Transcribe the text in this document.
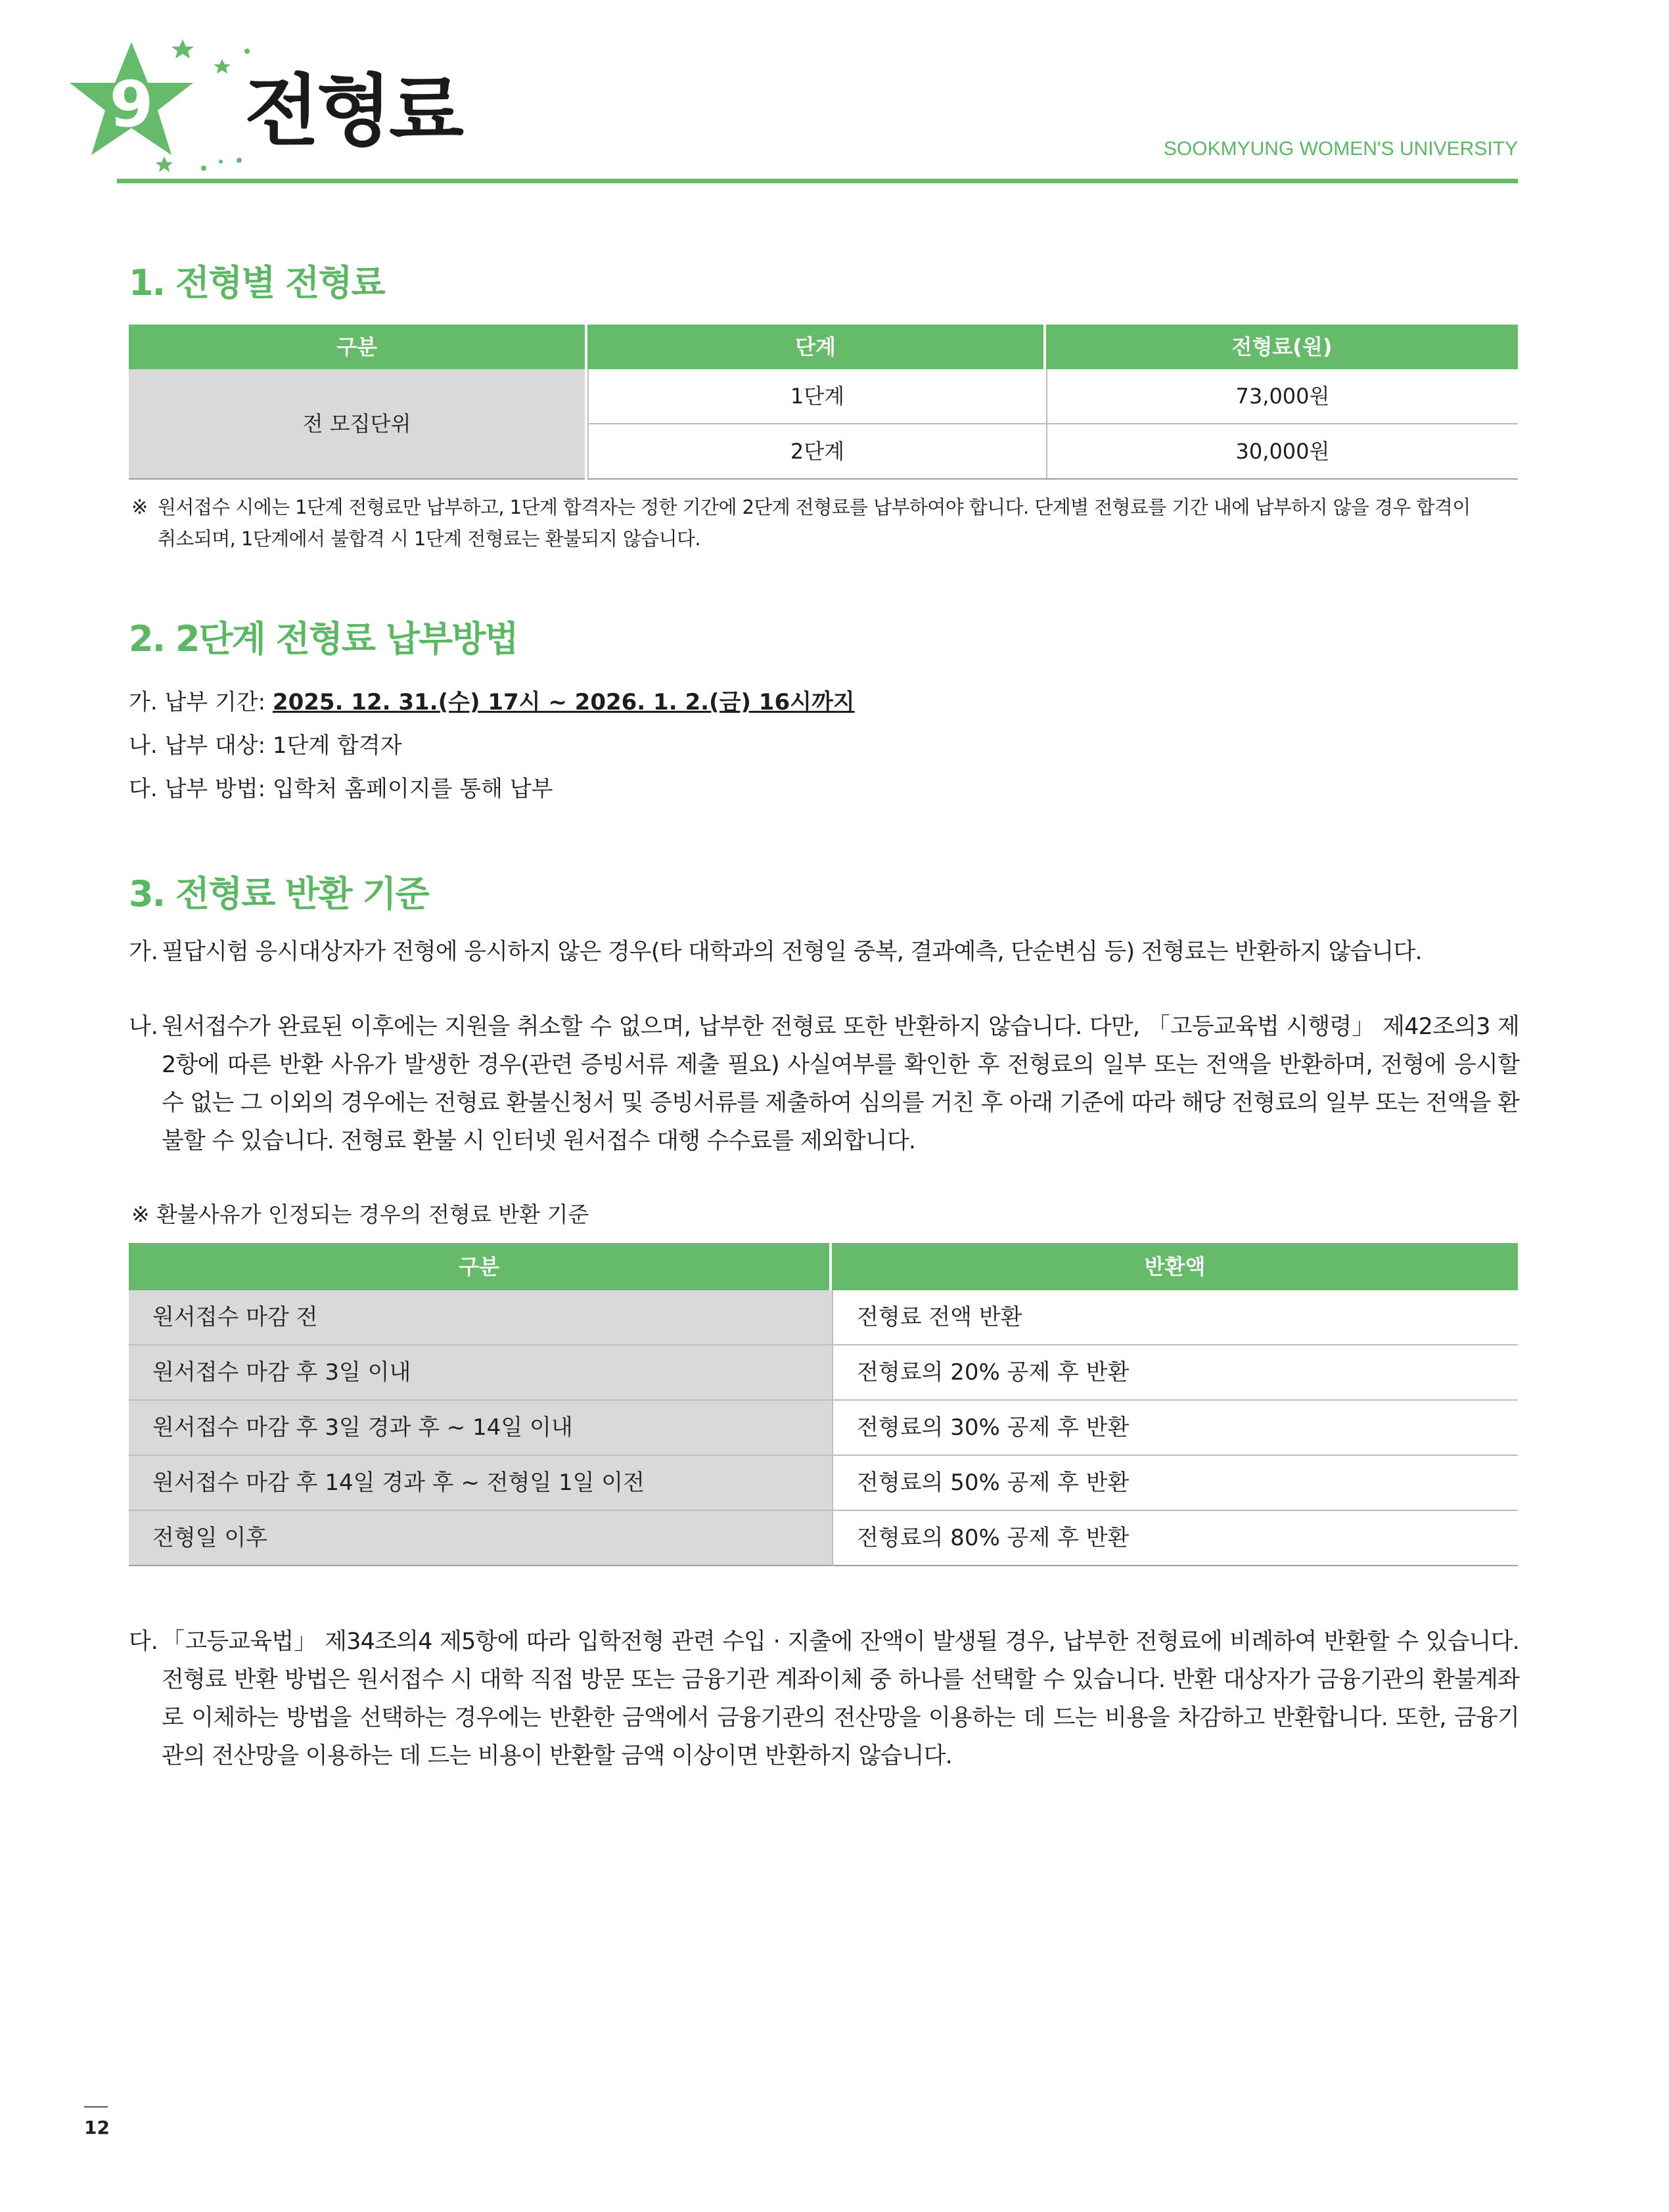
9 전형료	SOOKMYUNG WOMEN'S UNIVERSITY
1. 전형별 전형료
구분	단계	전형료(원)
전 모집단위
1단계	73,000원
2단계	30,000원
※ 원서접수 시에는 1단계 전형료만 납부하고, 1단계 합격자는 정한 기간에 2단계 전형료를 납부하여야 합니다. 단계별 전형료를 기간 내에 납부하지 않을 경우 합격이
취소되며, 1단계에서 불합격 시 1단계 전형료는 환불되지 않습니다.
2. 2단계 전형료 납부방법
가. 납부 기간: 2025. 12. 31.(수) 17시 ~ 2026. 1. 2.(금) 16시까지
나. 납부 대상: 1단계 합격자
다. 납부 방법: 입학처 홈페이지를 통해 납부
3. 전형료 반환 기준
가. 필답시험 응시대상자가 전형에 응시하지 않은 경우(타 대학과의 전형일 중복, 결과예측, 단순변심 등) 전형료는 반환하지 않습니다.
나. 원서접수가 완료된 이후에는 지원을 취소할 수 없으며, 납부한 전형료 또한 반환하지 않습니다. 다만, 「고등교육법 시행령」 제42조의3 제2항에 따른 반환 사유가 발생한 경우(관련 증빙서류 제출 필요) 사실여부를 확인한 후 전형료의 일부 또는 전액을 반환하며, 전형에 응시할 수 없는 그 이외의 경우에는 전형료 환불신청서 및 증빙서류를 제출하여 심의를 거친 후 아래 기준에 따라 해당 전형료의 일부 또는 전액을 환불할 수 있습니다. 전형료 환불 시 인터넷 원서접수 대행 수수료를 제외합니다.
※ 환불사유가 인정되는 경우의 전형료 반환 기준
구분	반환액
원서접수 마감 전	전형료 전액 반환
원서접수 마감 후 3일 이내	전형료의 20% 공제 후 반환
원서접수 마감 후 3일 경과 후 ~ 14일 이내	전형료의 30% 공제 후 반환
원서접수 마감 후 14일 경과 후 ~ 전형일 1일 이전	전형료의 50% 공제 후 반환
전형일 이후	전형료의 80% 공제 후 반환
다. 「고등교육법」 제34조의4 제5항에 따라 입학전형 관련 수입 · 지출에 잔액이 발생될 경우, 납부한 전형료에 비례하여 반환할 수 있습니다. 전형료 반환 방법은 원서접수 시 대학 직접 방문 또는 금융기관 계좌이체 중 하나를 선택할 수 있습니다. 반환 대상자가 금융기관의 환불계좌로 이체하는 방법을 선택하는 경우에는 반환한 금액에서 금융기관의 전산망을 이용하는 데 드는 비용을 차감하고 반환합니다. 또한, 금융기관의 전산망을 이용하는 데 드는 비용이 반환할 금액 이상이면 반환하지 않습니다.
12
